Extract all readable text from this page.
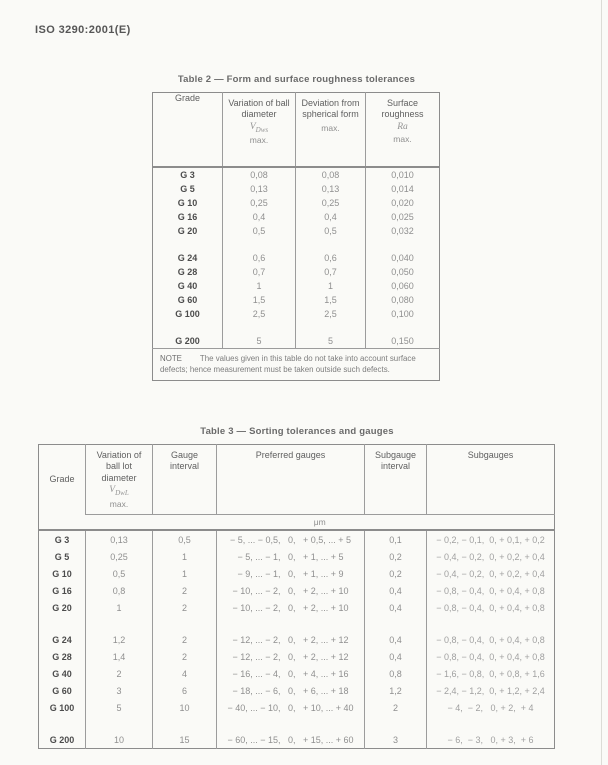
ISO 3290:2001(E)
Table 2 — Form and surface roughness tolerances
Grade	Variation of ball diameter
$V_{Dws}$
max.	Deviation from spherical form
max.	Surface roughness
Ra
max.

G 3	0,08	0,08	0,010
G 5	0,13	0,13	0,014
G 10	0,25	0,25	0,020
G 16	0,4	0,4	0,025
G 20	0,5	0,5	0,032

G 24	0,6	0,6	0,040
G 28	0,7	0,7	0,050
G 40	1	1	0,060
G 60	1,5	1,5	0,080
G 100	2,5	2,5	0,100

G 200	5	5	0,150
NOTE The values given in this table do not take into account surface defects; hence measurement must be taken outside such defects.			
Table 3 — Sorting tolerances and gauges
Grade	Variation of ball lot diameter
$V_{DwL}$
max.	Gauge interval	Preferred gauges	Subgauge interval	Subgauges

	μm				
G 3	0,13	0,5	− 5, ... − 0,5,   0,   + 0,5, ... + 5	0,1	− 0,2, − 0,1,  0, + 0,1, + 0,2
G 5	0,25	1	− 5, ... − 1,   0,   + 1, ... + 5	0,2	− 0,4, − 0,2,  0, + 0,2, + 0,4
G 10	0,5	1	− 9, ... − 1,   0,   + 1, ... + 9	0,2	− 0,4, − 0,2,  0, + 0,2, + 0,4
G 16	0,8	2	− 10, ... − 2,   0,   + 2, ... + 10	0,4	− 0,8, − 0,4,  0, + 0,4, + 0,8
G 20	1	2	− 10, ... − 2,   0,   + 2, ... + 10	0,4	− 0,8, − 0,4,  0, + 0,4, + 0,8

G 24	1,2	2	− 12, ... − 2,   0,   + 2, ... + 12	0,4	− 0,8, − 0,4,  0, + 0,4, + 0,8
G 28	1,4	2	− 12, ... − 2,   0,   + 2, ... + 12	0,4	− 0,8, − 0,4,  0, + 0,4, + 0,8
G 40	2	4	− 16, ... − 4,   0,   + 4, ... + 16	0,8	− 1,6, − 0,8,  0, + 0,8, + 1,6
G 60	3	6	− 18, ... − 6,   0,   + 6, ... + 18	1,2	− 2,4, − 1,2,  0, + 1,2, + 2,4
G 100	5	10	− 40, ... − 10,   0,   + 10, ... + 40	2	− 4,  − 2,   0, + 2,  + 4

G 200	10	15	− 60, ... − 15,   0,   + 15, ... + 60	3	− 6,  − 3,   0, + 3,  + 6
